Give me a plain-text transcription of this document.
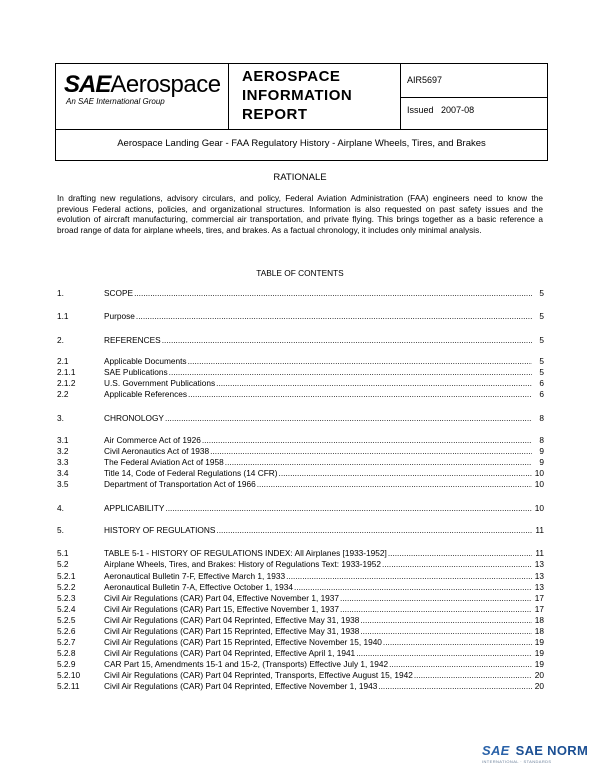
SAEAerospace
An SAE International Group
AEROSPACE
INFORMATION
REPORT
AIR5697
Issued 2007-08
Aerospace Landing Gear - FAA Regulatory History - Airplane Wheels, Tires, and Brakes
RATIONALE
In drafting new regulations, advisory circulars, and policy, Federal Aviation Administration (FAA) engineers need to know the previous Federal actions, policies, and organizational structures. Information is also requested on past safety issues and the evolution of aircraft manufacturing, commercial air transportation, and private flying. This brings together as a basic reference a broad range of data for airplane wheels, tires, and brakes. As a factual chronology, it includes only minimal analysis.
TABLE OF CONTENTS
1.	SCOPE .....	5
1.1	Purpose .....	5
2.	REFERENCES .....	5
2.1	Applicable Documents .....	5
2.1.1	SAE Publications .....	5
2.1.2	U.S. Government Publications .....	6
2.2	Applicable References .....	6
3.	CHRONOLOGY .....	8
3.1	Air Commerce Act of 1926 .....	8
3.2	Civil Aeronautics Act of 1938 .....	9
3.3	The Federal Aviation Act of 1958 .....	9
3.4	Title 14, Code of Federal Regulations (14 CFR) .....	10
3.5	Department of Transportation Act of 1966 .....	10
4.	APPLICABILITY .....	10
5.	HISTORY OF REGULATIONS .....	11
5.1	TABLE 5-1 - HISTORY OF REGULATIONS INDEX: All Airplanes [1933-1952] .....	11
5.2	Airplane Wheels, Tires, and Brakes: History of Regulations Text: 1933-1952 .....	13
5.2.1	Aeronautical Bulletin 7-F, Effective March 1, 1933 .....	13
5.2.2	Aeronautical Bulletin 7-A, Effective October 1, 1934 .....	13
5.2.3	Civil Air Regulations (CAR) Part 04, Effective November 1, 1937 .....	17
5.2.4	Civil Air Regulations (CAR) Part 15, Effective November 1, 1937 .....	17
5.2.5	Civil Air Regulations (CAR) Part 04 Reprinted, Effective May 31, 1938 .....	18
5.2.6	Civil Air Regulations (CAR) Part 15 Reprinted, Effective May 31, 1938 .....	18
5.2.7	Civil Air Regulations (CAR) Part 15 Reprinted, Effective November 15, 1940 .....	19
5.2.8	Civil Air Regulations (CAR) Part 04 Reprinted, Effective April 1, 1941 .....	19
5.2.9	CAR Part 15, Amendments 15-1 and 15-2, (Transports) Effective July 1, 1942 .....	19
5.2.10	Civil Air Regulations (CAR) Part 04 Reprinted, Transports, Effective August 15, 1942 .....	20
5.2.11	Civil Air Regulations (CAR) Part 04 Reprinted, Effective November 1, 1943 .....	20
SAE SAE NORM
INTERNATIONAL · STANDARDS
